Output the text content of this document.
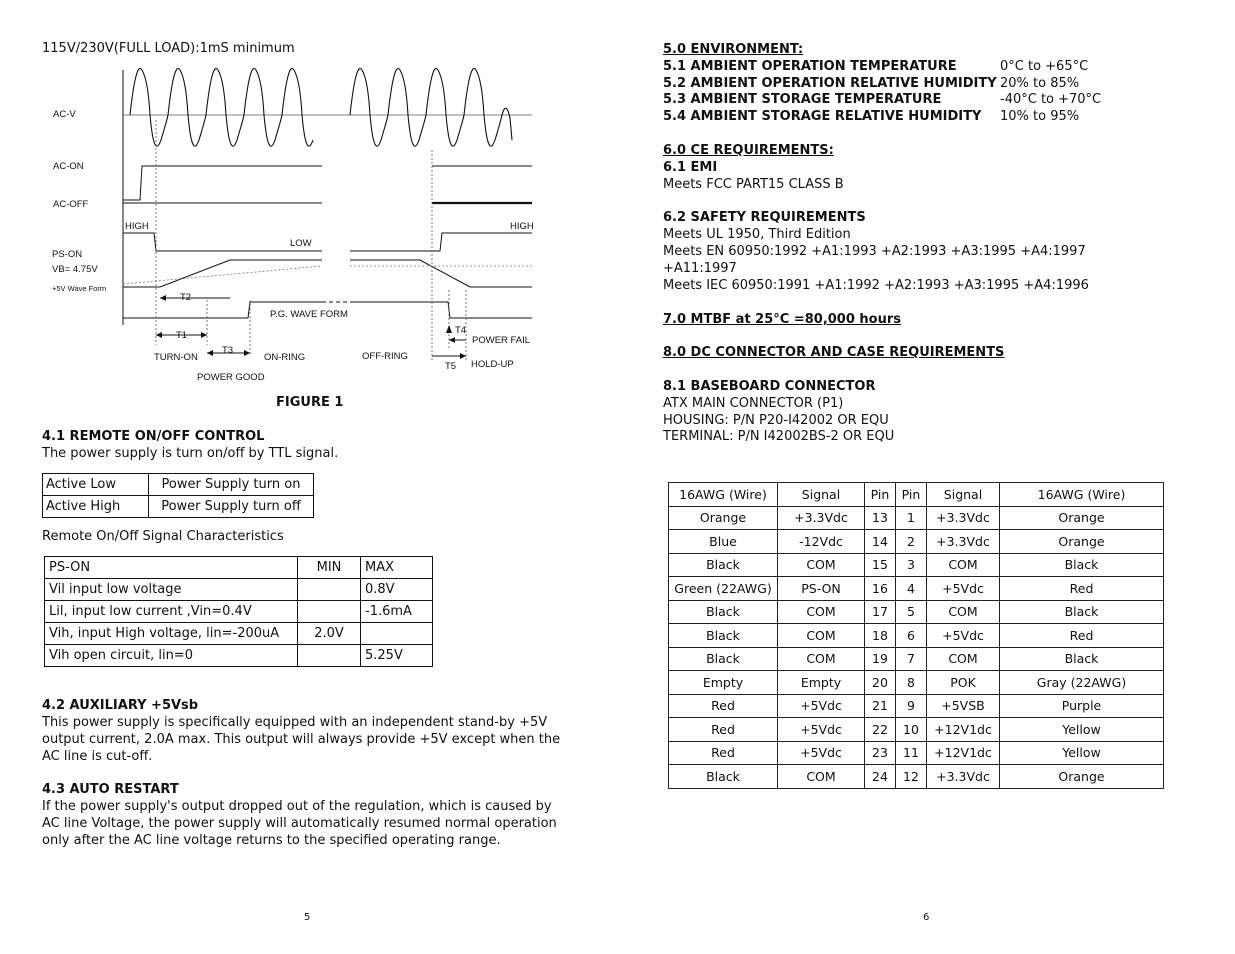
115V/230V(FULL LOAD):1mS minimum
AC-V
AC-ON
AC-OFF
PS-ON
VB= 4.75V
+5V Wave Form
HIGH	HIGH
LOW
P.G. WAVE FORM
T1
T2
T3
T4
T5
TURN-ON	ON-RING	OFF-RING
POWER GOOD
POWER FAIL
HOLD-UP
FIGURE 1
4.1 REMOTE ON/OFF CONTROL
The power supply is turn on/off by TTL signal.
Active Low	Power Supply turn on
Active High	Power Supply turn off
Remote On/Off Signal Characteristics
PS-ON	MIN	MAX
Vil input low voltage		0.8V
Lil, input low current ,Vin=0.4V		-1.6mA
Vih, input High voltage, lin=-200uA	2.0V	
Vih open circuit, lin=0		5.25V
4.2 AUXILIARY +5Vsb
This power supply is specifically equipped with an independent stand-by +5V output current, 2.0A max. This output will always provide +5V except when the AC line is cut-off.
4.3 AUTO RESTART
If the power supply's output dropped out of the regulation, which is caused by AC line Voltage, the power supply will automatically resumed normal operation only after the AC line voltage returns to the specified operating range.
5
5.0 ENVIRONMENT:
5.1 AMBIENT OPERATION TEMPERATURE	0°C to +65°C
5.2 AMBIENT OPERATION RELATIVE HUMIDITY 20% to 85%
5.3 AMBIENT STORAGE TEMPERATURE	-40°C to +70°C
5.4 AMBIENT STORAGE RELATIVE HUMIDITY 10% to 95%
6.0 CE REQUIREMENTS:
6.1 EMI
Meets FCC PART15 CLASS B
6.2 SAFETY REQUIREMENTS
Meets UL 1950, Third Edition
Meets EN 60950:1992 +A1:1993 +A2:1993 +A3:1995 +A4:1997
+A11:1997
Meets IEC 60950:1991 +A1:1992 +A2:1993 +A3:1995 +A4:1996
7.0 MTBF at 25°C =80,000 hours
8.0 DC CONNECTOR AND CASE REQUIREMENTS
8.1 BASEBOARD CONNECTOR
ATX MAIN CONNECTOR (P1)
HOUSING: P/N P20-I42002 OR EQU
TERMINAL: P/N I42002BS-2 OR EQU
16AWG (Wire)	Signal	Pin	Pin	Signal	16AWG (Wire)
Orange	+3.3Vdc	13	1	+3.3Vdc	Orange
Blue	-12Vdc	14	2	+3.3Vdc	Orange
Black	COM	15	3	COM	Black
Green (22AWG)	PS-ON	16	4	+5Vdc	Red
Black	COM	17	5	COM	Black
Black	COM	18	6	+5Vdc	Red
Black	COM	19	7	COM	Black
Empty	Empty	20	8	POK	Gray (22AWG)
Red	+5Vdc	21	9	+5VSB	Purple
Red	+5Vdc	22	10	+12V1dc	Yellow
Red	+5Vdc	23	11	+12V1dc	Yellow
Black	COM	24	12	+3.3Vdc	Orange
6
